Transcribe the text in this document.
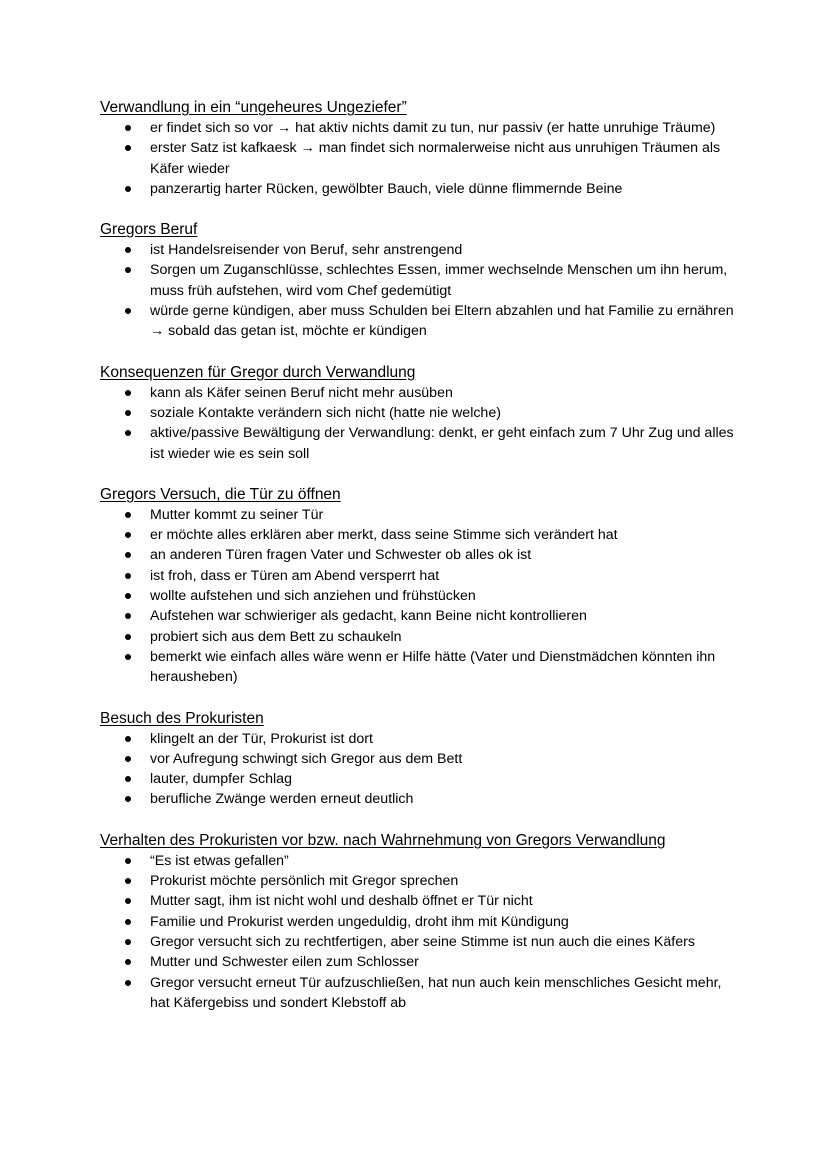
Verwandlung in ein “ungeheures Ungeziefer”
er findet sich so vor → hat aktiv nichts damit zu tun, nur passiv (er hatte unruhige Träume)
erster Satz ist kafkaesk → man findet sich normalerweise nicht aus unruhigen Träumen als Käfer wieder
panzerartig harter Rücken, gewölbter Bauch, viele dünne flimmernde Beine
Gregors Beruf
ist Handelsreisender von Beruf, sehr anstrengend
Sorgen um Zuganschlüsse, schlechtes Essen, immer wechselnde Menschen um ihn herum, muss früh aufstehen, wird vom Chef gedemütigt
würde gerne kündigen, aber muss Schulden bei Eltern abzahlen und hat Familie zu ernähren → sobald das getan ist, möchte er kündigen
Konsequenzen für Gregor durch Verwandlung
kann als Käfer seinen Beruf nicht mehr ausüben
soziale Kontakte verändern sich nicht (hatte nie welche)
aktive/passive Bewältigung der Verwandlung: denkt, er geht einfach zum 7 Uhr Zug und alles ist wieder wie es sein soll
Gregors Versuch, die Tür zu öffnen
Mutter kommt zu seiner Tür
er möchte alles erklären aber merkt, dass seine Stimme sich verändert hat
an anderen Türen fragen Vater und Schwester ob alles ok ist
ist froh, dass er Türen am Abend versperrt hat
wollte aufstehen und sich anziehen und frühstücken
Aufstehen war schwieriger als gedacht, kann Beine nicht kontrollieren
probiert sich aus dem Bett zu schaukeln
bemerkt wie einfach alles wäre wenn er Hilfe hätte (Vater und Dienstmädchen könnten ihn herausheben)
Besuch des Prokuristen
klingelt an der Tür, Prokurist ist dort
vor Aufregung schwingt sich Gregor aus dem Bett
lauter, dumpfer Schlag
berufliche Zwänge werden erneut deutlich
Verhalten des Prokuristen vor bzw. nach Wahrnehmung von Gregors Verwandlung
“Es ist etwas gefallen”
Prokurist möchte persönlich mit Gregor sprechen
Mutter sagt, ihm ist nicht wohl und deshalb öffnet er Tür nicht
Familie und Prokurist werden ungeduldig, droht ihm mit Kündigung
Gregor versucht sich zu rechtfertigen, aber seine Stimme ist nun auch die eines Käfers
Mutter und Schwester eilen zum Schlosser
Gregor versucht erneut Tür aufzuschließen, hat nun auch kein menschliches Gesicht mehr, hat Käfergebiss und sondert Klebstoff ab
